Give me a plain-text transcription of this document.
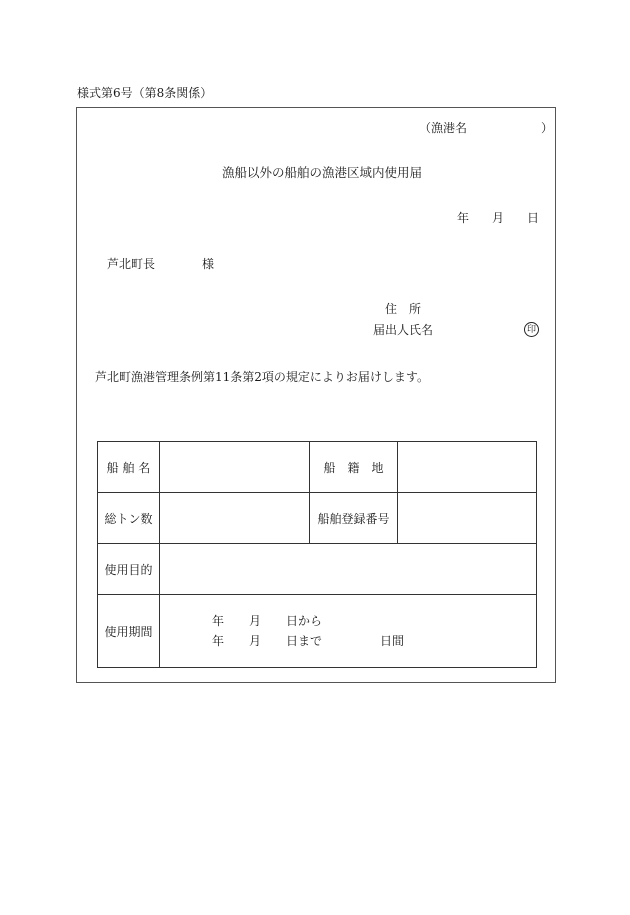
様式第6号（第8条関係）
（漁港名	）
漁船以外の船舶の漁港区域内使用届
年 月 日
芦北町長	様
住　所
届出人氏名	印
芦北町漁港管理条例第11条第2項の規定によりお届けします。
船 舶 名		船　籍　地	
総トン数		船舶登録番号	
使用目的			
使用期間	年 月 日から
年 月 日まで 日間		
